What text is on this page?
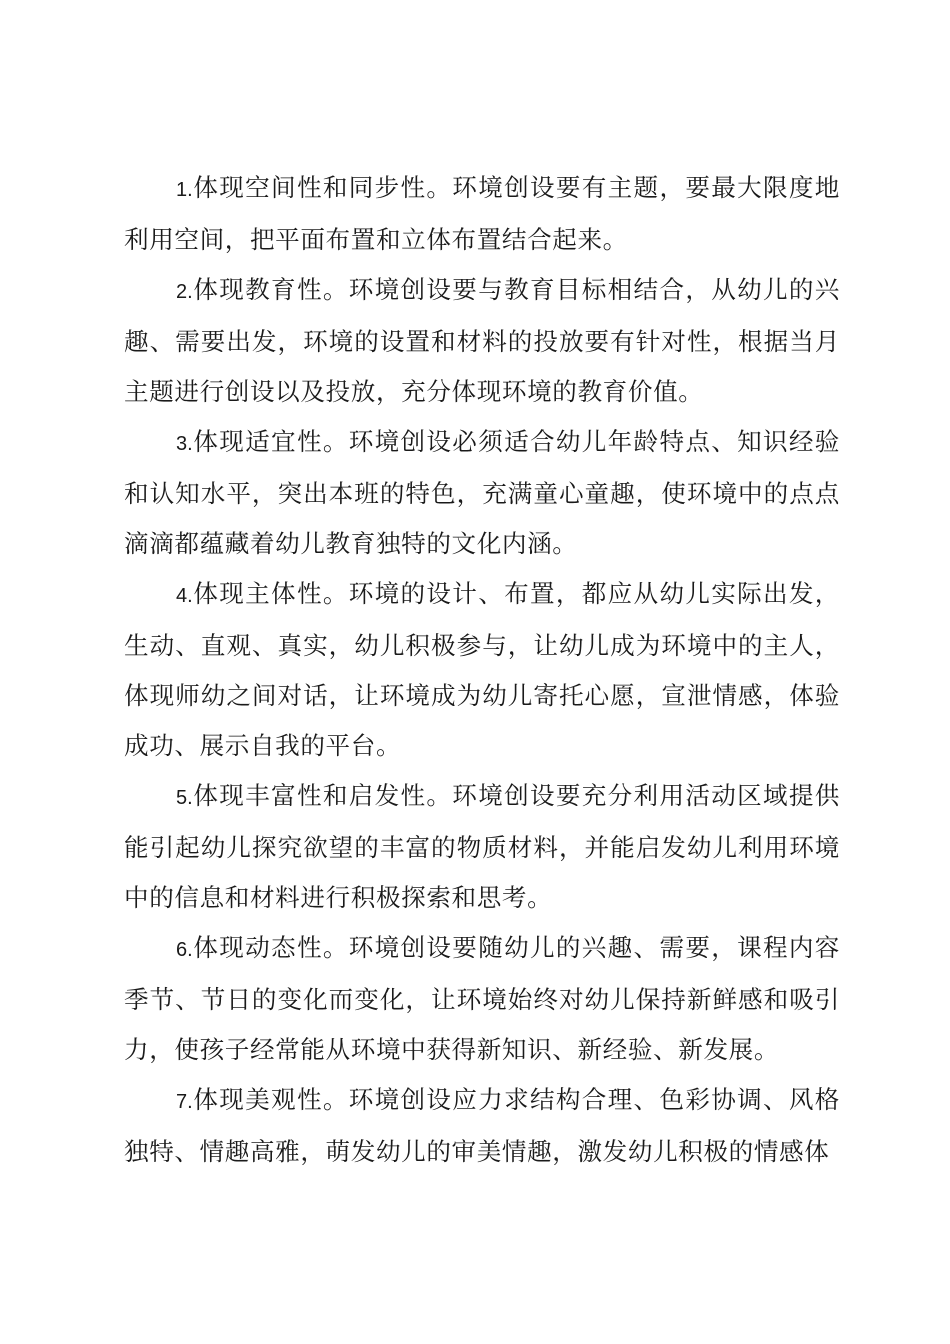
1.体现空间性和同步性。环境创设要有主题，要最大限度地利用空间，把平面布置和立体布置结合起来。

2.体现教育性。环境创设要与教育目标相结合，从幼儿的兴趣、需要出发，环境的设置和材料的投放要有针对性，根据当月主题进行创设以及投放，充分体现环境的教育价值。

3.体现适宜性。环境创设必须适合幼儿年龄特点、知识经验和认知水平，突出本班的特色，充满童心童趣，使环境中的点点滴滴都蕴藏着幼儿教育独特的文化内涵。

4.体现主体性。环境的设计、布置，都应从幼儿实际出发，生动、直观、真实，幼儿积极参与，让幼儿成为环境中的主人，体现师幼之间对话，让环境成为幼儿寄托心愿，宣泄情感，体验成功、展示自我的平台。

5.体现丰富性和启发性。环境创设要充分利用活动区域提供能引起幼儿探究欲望的丰富的物质材料，并能启发幼儿利用环境中的信息和材料进行积极探索和思考。

6.体现动态性。环境创设要随幼儿的兴趣、需要，课程内容季节、节日的变化而变化，让环境始终对幼儿保持新鲜感和吸引力，使孩子经常能从环境中获得新知识、新经验、新发展。

7.体现美观性。环境创设应力求结构合理、色彩协调、风格独特、情趣高雅，萌发幼儿的审美情趣，激发幼儿积极的情感体
